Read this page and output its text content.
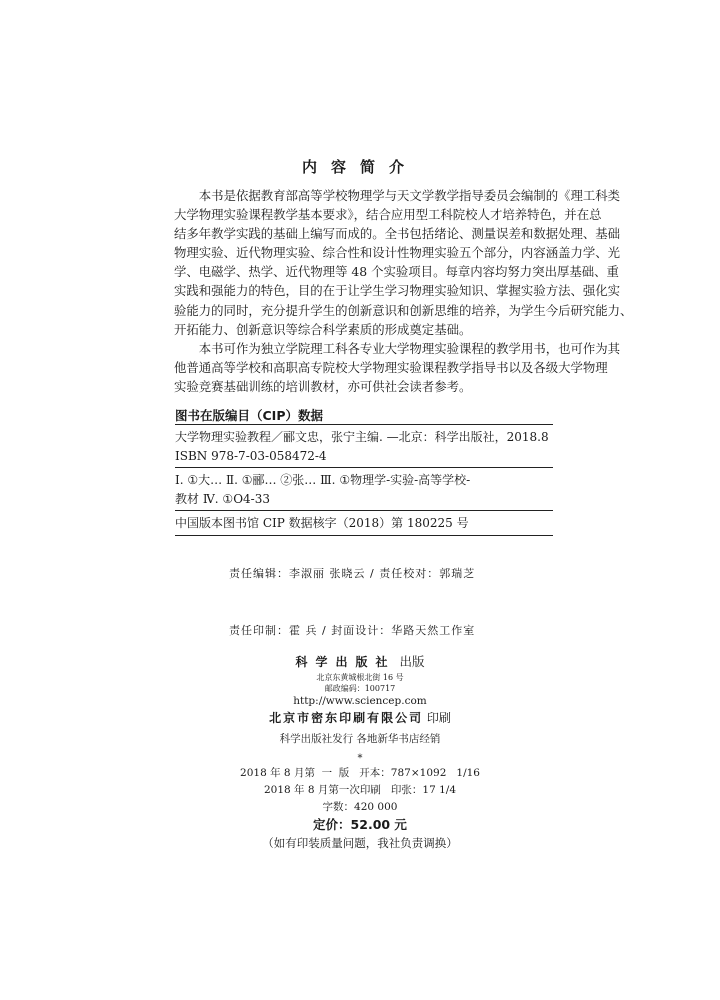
内容简介

本书是依据教育部高等学校物理学与天文学教学指导委员会编制的《理工科类
大学物理实验课程教学基本要求》，结合应用型工科院校人才培养特色，并在总
结多年教学实践的基础上编写而成的。全书包括绪论、测量误差和数据处理、基础
物理实验、近代物理实验、综合性和设计性物理实验五个部分，内容涵盖力学、光
学、电磁学、热学、近代物理等 48 个实验项目。每章内容均努力突出厚基础、重
实践和强能力的特色，目的在于让学生学习物理实验知识、掌握实验方法、强化实
验能力的同时，充分提升学生的创新意识和创新思维的培养，为学生今后研究能力、
开拓能力、创新意识等综合科学素质的形成奠定基础。

本书可作为独立学院理工科各专业大学物理实验课程的教学用书，也可作为其
他普通高等学校和高职高专院校大学物理实验课程教学指导书以及各级大学物理
实验竞赛基础训练的培训教材，亦可供社会读者参考。

图书在版编目（CIP）数据
大学物理实验教程／郦文忠，张宁主编. —北京：科学出版社，2018.8
ISBN 978-7-03-058472-4
Ⅰ. ①大… Ⅱ. ①郦… ②张… Ⅲ. ①物理学-实验-高等学校-
教材 Ⅳ. ①O4-33
中国版本图书馆 CIP 数据核字（2018）第 180225 号

责任编辑：李淑丽 张晓云 / 责任校对：郭瑞芝

责任印制：霍 兵 / 封面设计：华路天然工作室

科学出版社 出版
北京东黄城根北街 16 号
邮政编码：100717
http://www.sciencep.com
北京市密东印刷有限公司 印刷
科学出版社发行 各地新华书店经销
*
2018 年 8 月第  一  版   开本：787×1092   1/16
2018 年 8 月第一次印刷   印张：17 1/4
字数：420 000
定价：52.00 元
（如有印装质量问题，我社负责调换）
